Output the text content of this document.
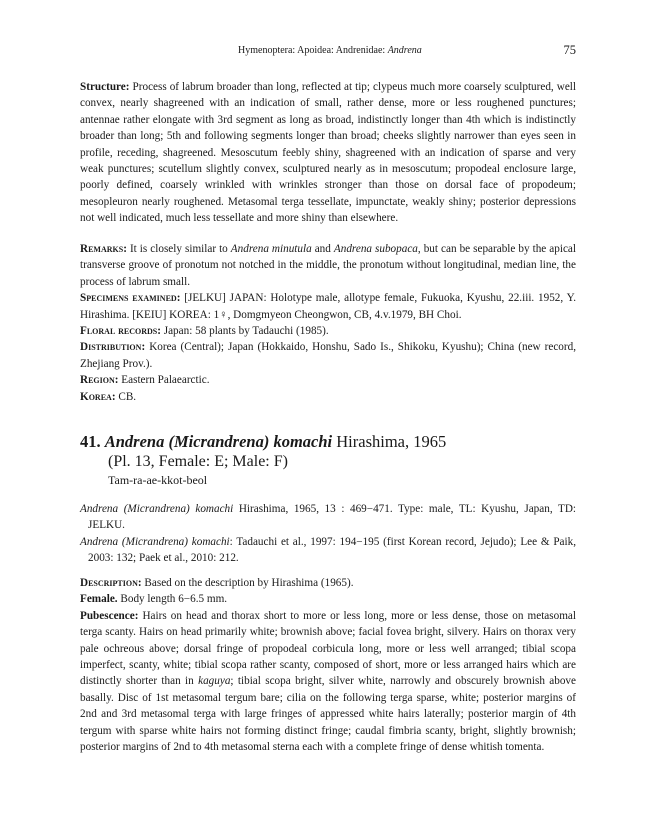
Hymenoptera: Apoidea: Andrenidae: Andrena	75

Structure: Process of labrum broader than long, reflected at tip; clypeus much more coarsely sculptured, well convex, nearly shagreened with an indication of small, rather dense, more or less roughened punctures; antennae rather elongate with 3rd segment as long as broad, indistinctly longer than 4th which is indistinctly broader than long; 5th and following segments longer than broad; cheeks slightly narrower than eyes seen in profile, receding, shagreened. Mesoscutum feebly shiny, shagreened with an indication of sparse and very weak punctures; scutellum slightly convex, sculptured nearly as in mesoscutum; propodeal enclosure large, poorly defined, coarsely wrinkled with wrinkles stronger than those on dorsal face of propodeum; mesopleuron nearly roughened. Metasomal terga tessellate, impunctate, weakly shiny; posterior depressions not well indicated, much less tessellate and more shiny than elsewhere.

Remarks: It is closely similar to Andrena minutula and Andrena subopaca, but can be separable by the apical transverse groove of pronotum not notched in the middle, the pronotum without longitudinal, median line, the process of labrum small.

Specimens examined: [JELKU] JAPAN: Holotype male, allotype female, Fukuoka, Kyushu, 22.iii. 1952, Y. Hirashima. [KEIU] KOREA: 1♀, Domgmyeon Cheongwon, CB, 4.v.1979, BH Choi.

Floral records: Japan: 58 plants by Tadauchi (1985).

Distribution: Korea (Central); Japan (Hokkaido, Honshu, Sado Is., Shikoku, Kyushu); China (new record, Zhejiang Prov.).

Region: Eastern Palaearctic.

Korea: CB.

41. Andrena (Micrandrena) komachi Hirashima, 1965
(Pl. 13, Female: E; Male: F)
Tam-ra-ae-kkot-beol

Andrena (Micrandrena) komachi Hirashima, 1965, 13 : 469−471. Type: male, TL: Kyushu, Japan, TD: JELKU.

Andrena (Micrandrena) komachi: Tadauchi et al., 1997: 194−195 (first Korean record, Jejudo); Lee & Paik, 2003: 132; Paek et al., 2010: 212.

Description: Based on the description by Hirashima (1965).

Female. Body length 6−6.5 mm.

Pubescence: Hairs on head and thorax short to more or less long, more or less dense, those on metasomal terga scanty. Hairs on head primarily white; brownish above; facial fovea bright, silvery. Hairs on thorax very pale ochreous above; dorsal fringe of propodeal corbicula long, more or less well arranged; tibial scopa imperfect, scanty, white; tibial scopa rather scanty, composed of short, more or less arranged hairs which are distinctly shorter than in kaguya; tibial scopa bright, silver white, narrowly and obscurely brownish above basally. Disc of 1st metasomal tergum bare; cilia on the following terga sparse, white; posterior margins of 2nd and 3rd metasomal terga with large fringes of appressed white hairs laterally; posterior margin of 4th tergum with sparse white hairs not forming distinct fringe; caudal fimbria scanty, bright, slightly brownish; posterior margins of 2nd to 4th metasomal sterna each with a complete fringe of dense whitish tomenta.
